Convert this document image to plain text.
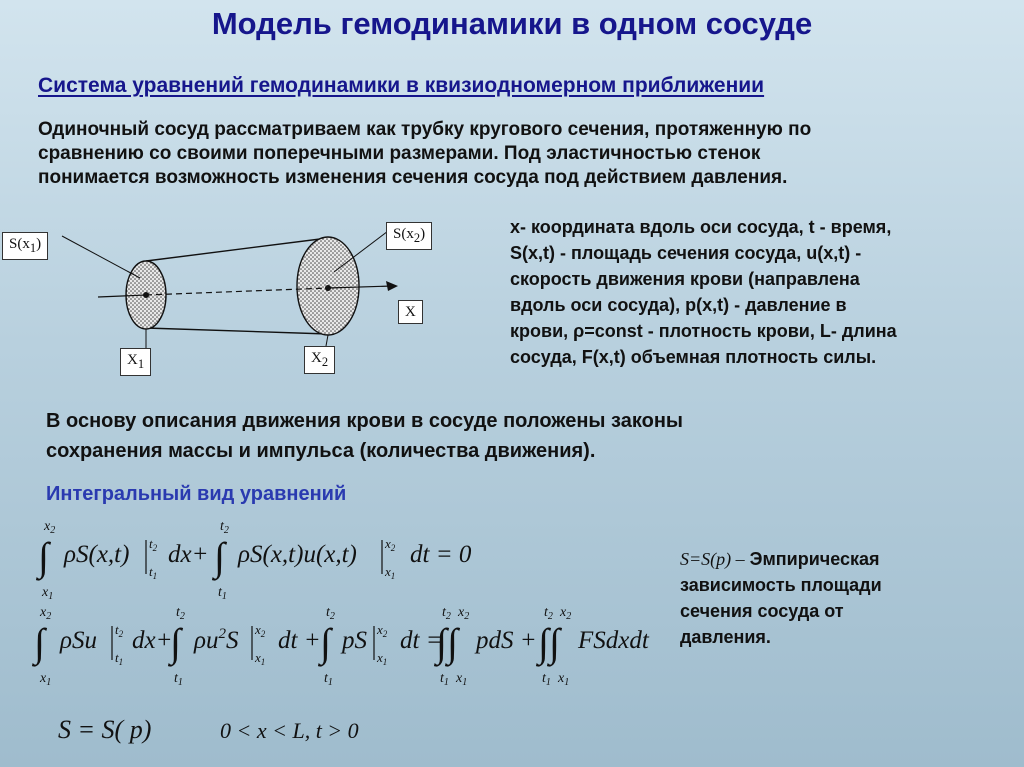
Модель гемодинамики в одном сосуде
Система уравнений гемодинамики в квизиодномерном приближении

Одиночный сосуд рассматриваем как трубку кругового сечения, протяженную по

сравнению со своими поперечными размерами. Под эластичностью стенок

понимается возможность изменения сечения сосуда под действием давления.

$S(x_1)$
$S(x_2)$
X
$X_1$	$X_2$

x- координата вдоль оси сосуда, t - время,

S(x,t) - площадь сечения сосуда, u(x,t) -

скорость движения крови (направлена

вдоль оси сосуда), p(x,t) - давление в

крови, ρ=const - плотность крови, L- длина

сосуда, F(x,t) объемная плотность силы.

В основу описания движения крови в сосуде положены законы

сохранения массы и импульса (количества движения).

Интегральный вид уравнений
$x_2$
∫
$x_1$
ρS(x,t) $t_2$
$t_1$
dx+
$t_2$
∫
$t_1$
ρS(x,t)u(x,t) $x_2$
$x_1$
dt = 0
$x_2$
∫
$x_1$
ρSu $t_2$
$t_1$
dx+
$t_2$
∫
$t_1$
$\rho u^2S$ $x_2$
$x_1$
dt +
$t_2$
∫
$t_1$
pS $x_2$
$x_1$
dt =
$t_2$ $x_2$
∫∫
$t_1$ $x_1$
pdS +
$t_2$ $x_2$
∫∫
$t_1$ $x_1$
FSdxdt
S = S( p)	0 < x < L, t > 0

S=S(p) – Эмпирическая

зависимость площади

сечения сосуда от

давления.
